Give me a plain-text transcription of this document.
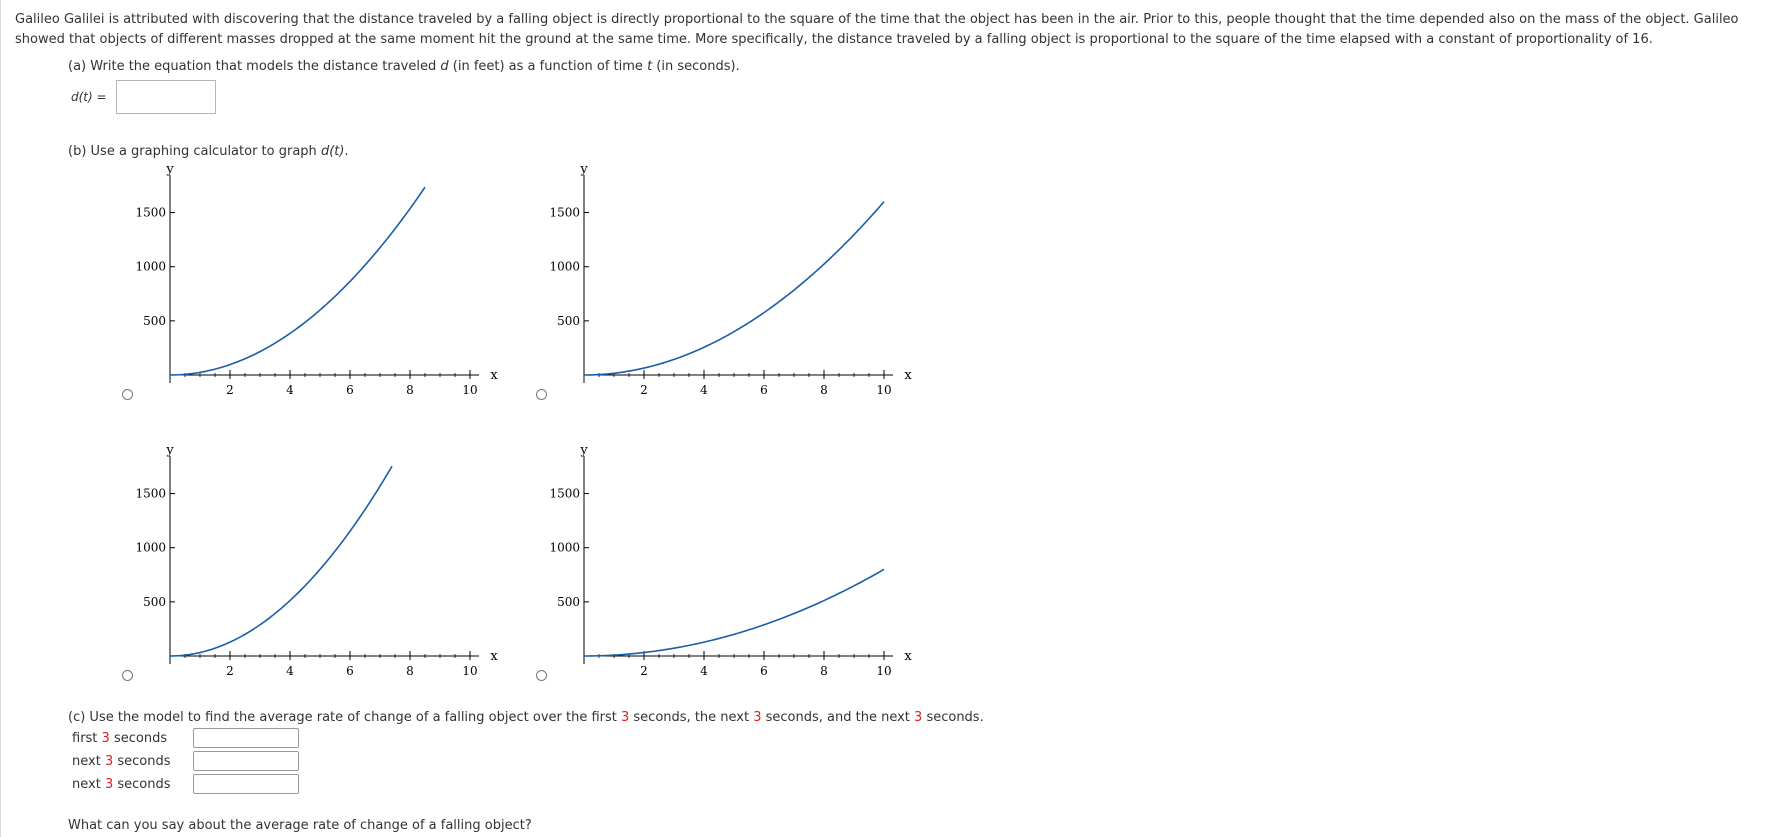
Galileo Galilei is attributed with discovering that the distance traveled by a falling object is directly proportional to the square of the time that the object has been in the air. Prior to this, people thought that the time depended also on the mass of the object. Galileo showed that objects of different masses dropped at the same moment hit the ground at the same time. More specifically, the distance traveled by a falling object is proportional to the square of the time elapsed with a constant of proportionality of 16.
(a) Write the equation that models the distance traveled d (in feet) as a function of time t (in seconds).
d(t) =
(b) Use a graphing calculator to graph d(t).
2	4	6	8	10
1500
1000
500
y
x
2	4	6	8	10
1500
1000
500
y
x
2	4	6	8	10
1500
1000
500
y
x
2	4	6	8	10
1500
1000
500
y
x
(c) Use the model to find the average rate of change of a falling object over the first 3 seconds, the next 3 seconds, and the next 3 seconds.
first 3 seconds
next 3 seconds
next 3 seconds
What can you say about the average rate of change of a falling object?
